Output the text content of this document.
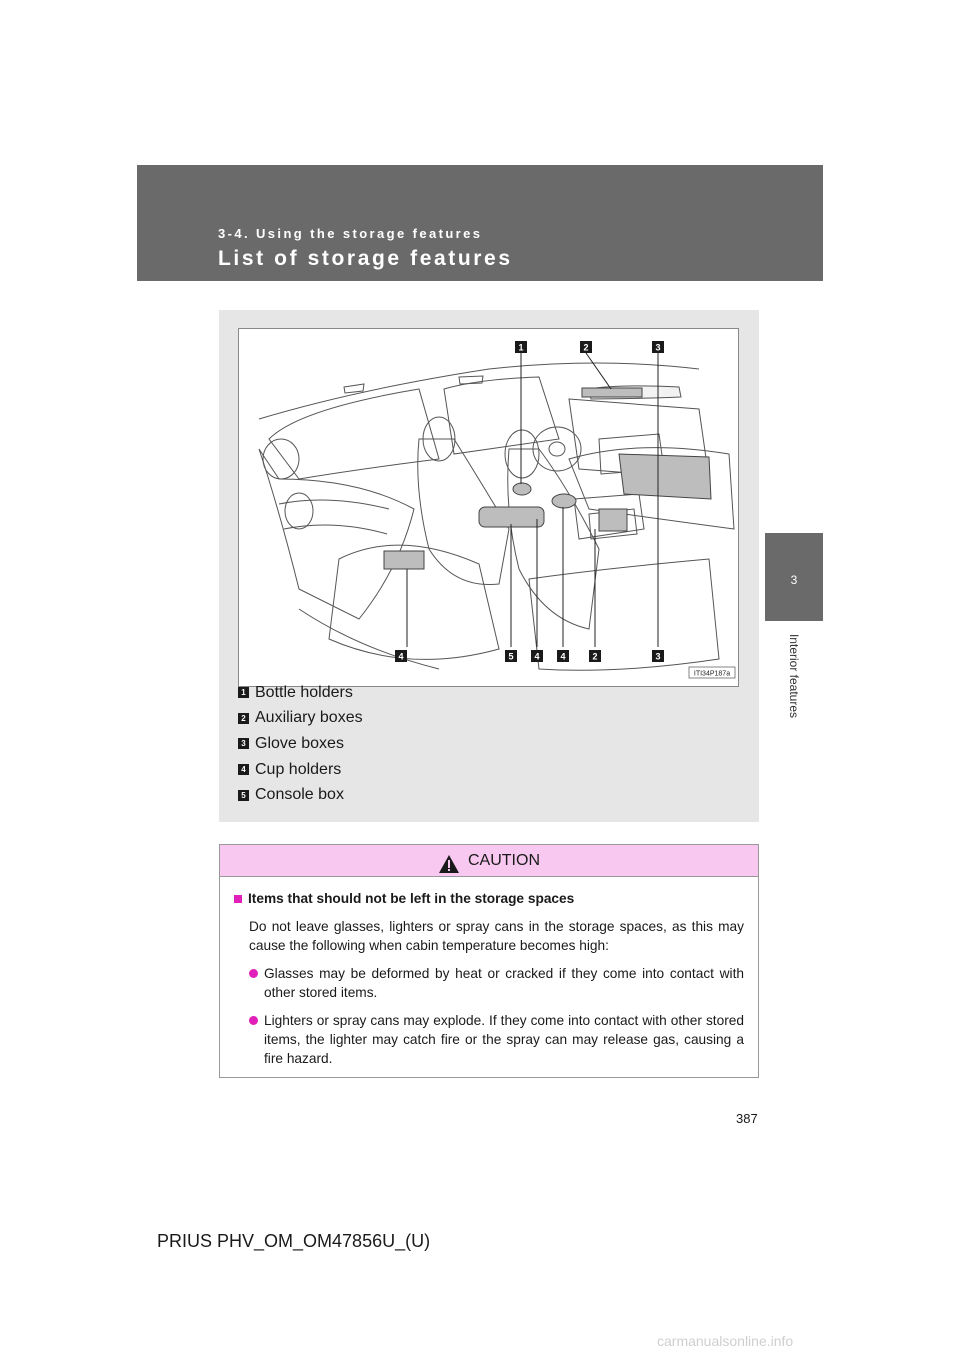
3-4. Using the storage features
List of storage features
3
Interior features
1	2	3
4	5 4 4	2	3
ITI34P187a
1 Bottle holders
2 Auxiliary boxes
3 Glove boxes
4 Cup holders
5 Console box
CAUTION
Items that should not be left in the storage spaces
Do not leave glasses, lighters or spray cans in the storage spaces, as this may cause the following when cabin temperature becomes high:
Glasses may be deformed by heat or cracked if they come into contact with other stored items.
Lighters or spray cans may explode. If they come into contact with other stored items, the lighter may catch fire or the spray can may release gas, causing a fire hazard.
387
PRIUS PHV_OM_OM47856U_(U)
carmanualsonline.info
